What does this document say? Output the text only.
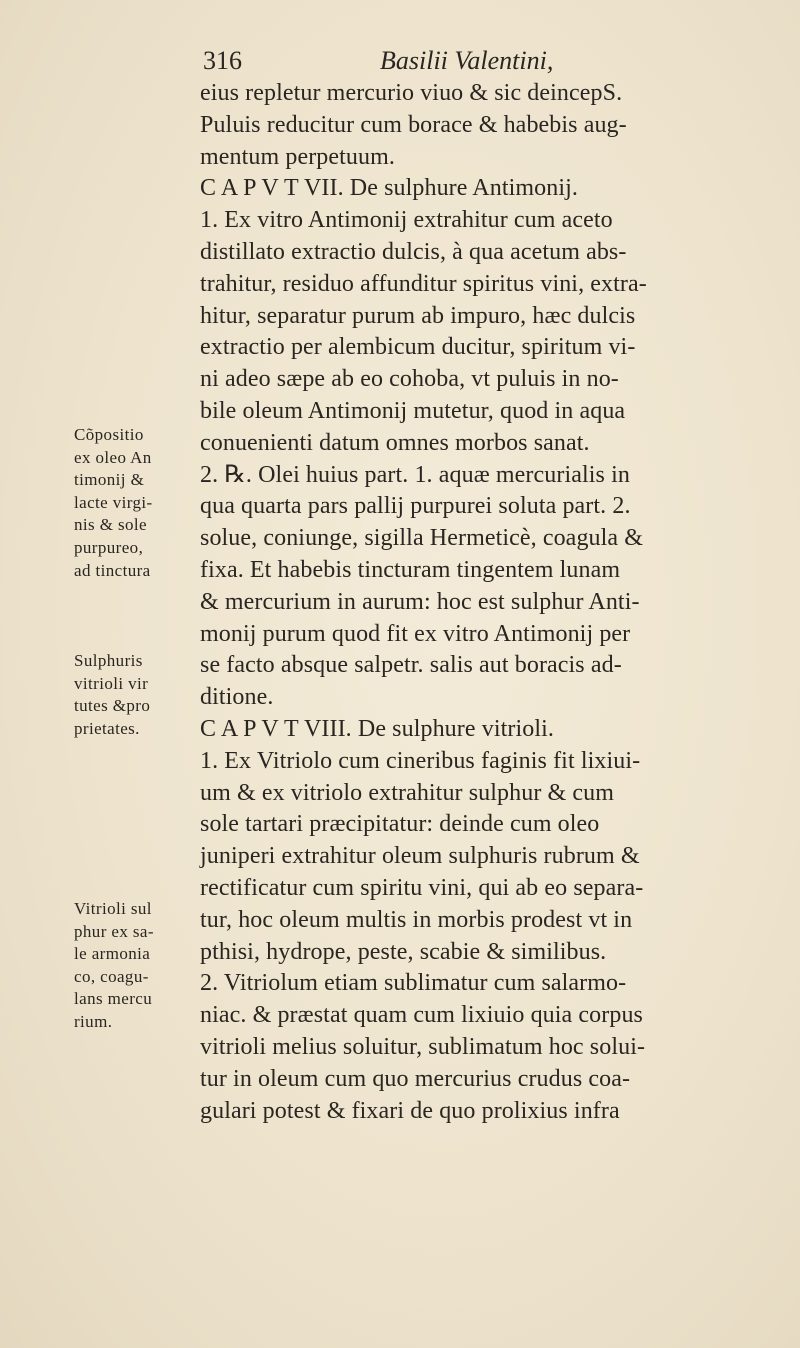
316	Basilii Valentini,
eius repletur mercurio viuo & sic deincepS.
Puluis reducitur cum borace & habebis aug-
mentum perpetuum.
C A P V T VII. De sulphure Antimonij.
1. Ex vitro Antimonij extrahitur cum aceto
distillato extractio dulcis, à qua acetum abs-
trahitur, residuo affunditur spiritus vini, extra-
hitur, separatur purum ab impuro, hæc dulcis
extractio per alembicum ducitur, spiritum vi-
ni adeo sæpe ab eo cohoba, vt puluis in no-
bile oleum Antimonij mutetur, quod in aqua
conuenienti datum omnes morbos sanat.
2. ℞. Olei huius part. 1. aquæ mercurialis in
qua quarta pars pallij purpurei soluta part. 2.
solue, coniunge, sigilla Hermeticè, coagula &
fixa. Et habebis tincturam tingentem lunam
& mercurium in aurum: hoc est sulphur Anti-
monij purum quod fit ex vitro Antimonij per
se facto absque salpetr. salis aut boracis ad-
ditione.
C A P V T VIII. De sulphure vitrioli.
1. Ex Vitriolo cum cineribus faginis fit lixiui-
um & ex vitriolo extrahitur sulphur & cum
sole tartari præcipitatur: deinde cum oleo
juniperi extrahitur oleum sulphuris rubrum &
rectificatur cum spiritu vini, qui ab eo separa-
tur, hoc oleum multis in morbis prodest vt in
pthisi, hydrope, peste, scabie & similibus.
2. Vitriolum etiam sublimatur cum salarmo-
niac. & præstat quam cum lixiuio quia corpus
vitrioli melius soluitur, sublimatum hoc solui-
tur in oleum cum quo mercurius crudus coa-
gulari potest & fixari de quo prolixius infra
Cõpositio
ex oleo An
timonij &
lacte virgi-
nis & sole
purpureo,
ad tinctura
Sulphuris
vitrioli vir
tutes &pro
prietates.
Vitrioli sul
phur ex sa-
le armonia
co, coagu-
lans mercu
rium.
